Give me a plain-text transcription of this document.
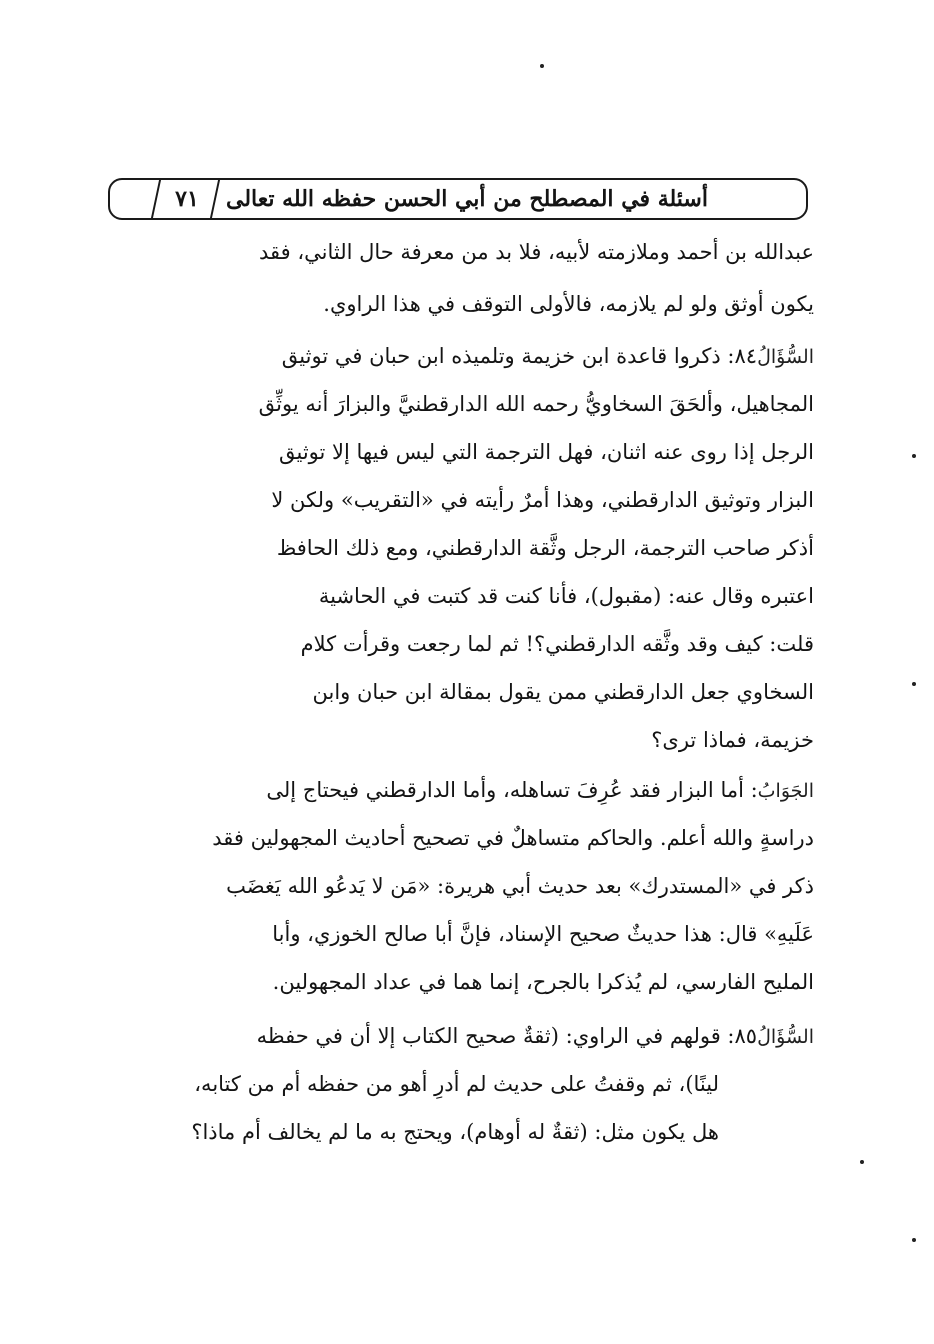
٧١	أسئلة في المصطلح من أبي الحسن حفظه الله تعالى
عبدالله بن أحمد وملازمته لأبيه، فلا بد من معرفة حال الثاني، فقد
يكون أوثق ولو لم يلازمه، فالأولى التوقف في هذا الراوي.
السُّؤَالُ٨٤: ذكروا قاعدة ابن خزيمة وتلميذه ابن حبان في توثيق
المجاهيل، وألحَقَ السخاويُّ رحمه الله الدارقطنيَّ والبزارَ أنه يوثِّق
الرجل إذا روى عنه اثنان، فهل الترجمة التي ليس فيها إلا توثيق
البزار وتوثيق الدارقطني، وهذا أمرٌ رأيته في «التقريب» ولكن لا
أذكر صاحب الترجمة، الرجل وثَّقة الدارقطني، ومع ذلك الحافظ
اعتبره وقال عنه: (مقبول)، فأنا كنت قد كتبت في الحاشية
قلت: كيف وقد وثَّقه الدارقطني؟! ثم لما رجعت وقرأت كلام
السخاوي جعل الدارقطني ممن يقول بمقالة ابن حبان وابن
خزيمة، فماذا ترى؟
الجَوَابُ: أما البزار فقد عُرِفَ تساهله، وأما الدارقطني فيحتاج إلى
دراسةٍ والله أعلم. والحاكم متساهلٌ في تصحيح أحاديث المجهولين فقد
ذكر في «المستدرك» بعد حديث أبي هريرة: «مَن لا يَدعُو الله يَغضَب
عَلَيهِ» قال: هذا حديثٌ صحيح الإسناد، فإنَّ أبا صالح الخوزي، وأبا
المليح الفارسي، لم يُذكرا بالجرح، إنما هما في عداد المجهولين.
السُّؤَالُ٨٥: قولهم في الراوي: (ثقةٌ صحيح الكتاب إلا أن في حفظه
لينًا)، ثم وقفتُ على حديث لم أدرِ أهو من حفظه أم من كتابه،
هل يكون مثل: (ثقةٌ له أوهام)، ويحتج به ما لم يخالف أم ماذا؟
